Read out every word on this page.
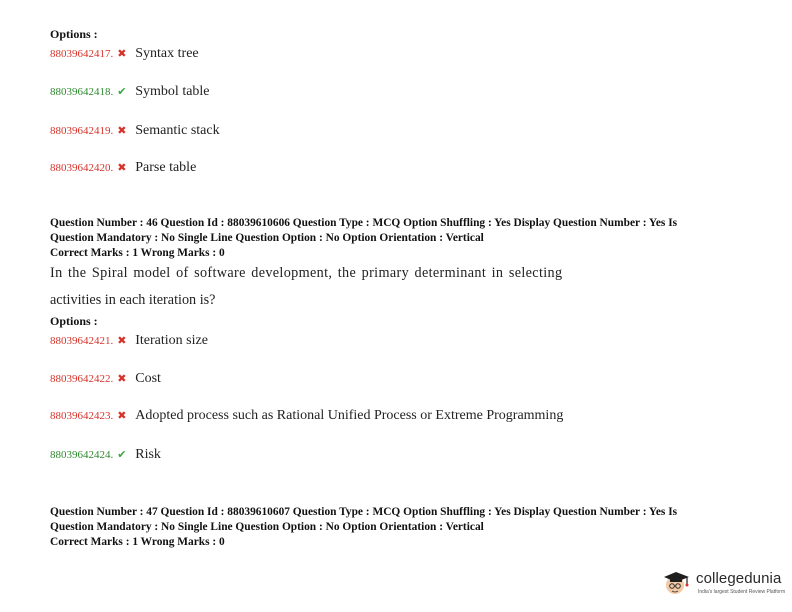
Options :
88039642417. ✖ Syntax tree
88039642418. ✔ Symbol table
88039642419. ✖ Semantic stack
88039642420. ✖ Parse table
Question Number : 46 Question Id : 88039610606 Question Type : MCQ Option Shuffling : Yes Display Question Number : Yes Is
Question Mandatory : No Single Line Question Option : No Option Orientation : Vertical
Correct Marks : 1 Wrong Marks : 0
In the Spiral model of software development, the primary determinant in selecting
activities in each iteration is?
Options :
88039642421. ✖ Iteration size
88039642422. ✖ Cost
88039642423. ✖ Adopted process such as Rational Unified Process or Extreme Programming
88039642424. ✔ Risk
Question Number : 47 Question Id : 88039610607 Question Type : MCQ Option Shuffling : Yes Display Question Number : Yes Is
Question Mandatory : No Single Line Question Option : No Option Orientation : Vertical
Correct Marks : 1 Wrong Marks : 0
collegedunia
India's largest Student Review Platform
